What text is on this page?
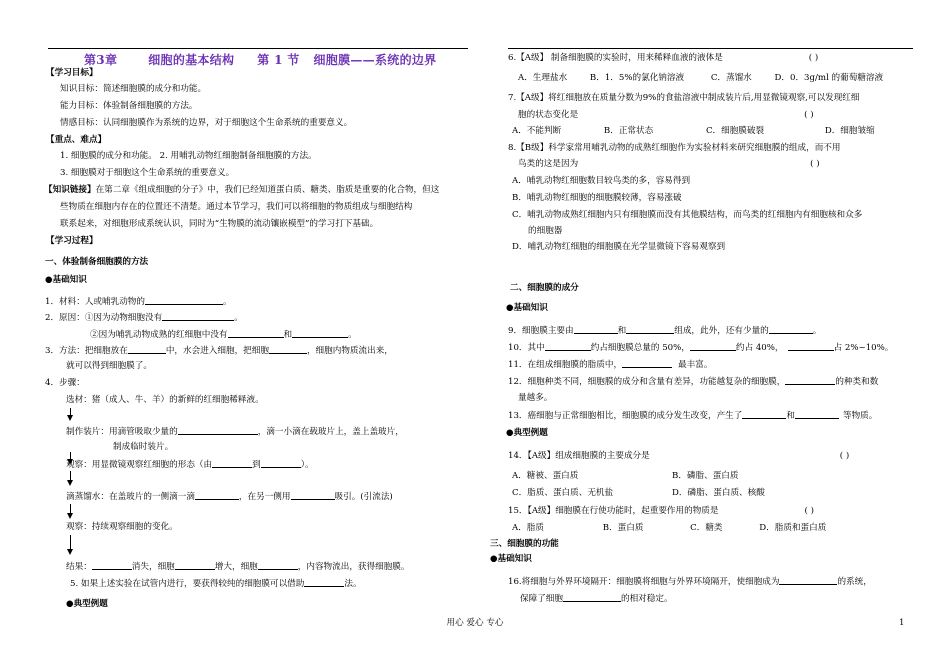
第3章	细胞的基本结构 第 1 节 细胞膜——系统的边界
【学习目标】
知识目标：简述细胞膜的成分和功能。
能力目标：体验制备细胞膜的方法。
情感目标：认同细胞膜作为系统的边界，对于细胞这个生命系统的重要意义。
【重点、难点】
1. 细胞膜的成分和功能。 2. 用哺乳动物红细胞制备细胞膜的方法。
3. 细胞膜对于细胞这个生命系统的重要意义。
【知识链接】在第二章《组成细胞的分子》中，我们已经知道蛋白质、糖类、脂质是重要的化合物，但这
些物质在细胞内存在的位置还不清楚。通过本节学习，我们可以将细胞的物质组成与细胞结构
联系起来，对细胞形成系统认识，同时为“生物膜的流动镶嵌模型”的学习打下基础。
【学习过程】
一、体验制备细胞膜的方法
●基础知识
1．材料：人或哺乳动物的	。
2．原因：①因为动物细胞没有	。
②因为哺乳动物成熟的红细胞中没有	和	。
3．方法：把细胞放在	中，水会进入细胞，把细胞	，细胞内物质流出来，
就可以得到细胞膜了。
4．步骤：
选材：猪（成人、牛、羊）的新鲜的红细胞稀释液。
制作装片：用滴管吸取少量的	，滴一小滴在载玻片上，盖上盖玻片，
制成临时装片。
观察：用显微镜观察红细胞的形态（由	到	）。
滴蒸馏水：在盖玻片的一侧滴一滴	，在另一侧用	吸引。(引流法)
观察：持续观察细胞的变化。
结果：	消失，细胞	增大，细胞	，内容物流出，获得细胞膜。
5. 如果上述实验在试管内进行，要获得较纯的细胞膜可以借助	法。
●典型例题
6.【A级】 制备细胞膜的实验时，用来稀释血液的液体是	( )
A．生理盐水	B．1．5%的氯化钠溶液	C．蒸馏水	D．0．3g/ml 的葡萄糖溶液
7.【A级】将红细胞放在质量分数为9%的食盐溶液中制成装片后,用显微镜观察,可以发现红细
胞的状态变化是	( )
A．不能判断	B．正常状态	C．细胞膜破裂	D．细胞皱缩
8.【B级】科学家常用哺乳动物的成熟红细胞作为实验材料来研究细胞膜的组成，而不用
鸟类的这是因为	( )
A．哺乳动物红细胞数目较鸟类的多，容易得到
B．哺乳动物红细胞的细胞膜较薄，容易涨破
C．哺乳动物成熟红细胞内只有细胞膜而没有其他膜结构，而鸟类的红细胞内有细胞核和众多
的细胞器
D．哺乳动物红细胞的细胞膜在光学显微镜下容易观察到
二、细胞膜的成分
●基础知识
9．细胞膜主要由	和	组成，此外，还有少量的	。
10．其中	约占细胞膜总量的 50%，	约占 40%，	占 2%~10%。
11．在组成细胞膜的脂质中，	最丰富。
12．细胞种类不同，细胞膜的成分和含量有差异，功能越复杂的细胞膜，	的种类和数
量越多。
13．癌细胞与正常细胞相比，细胞膜的成分发生改变，产生了	和	等物质。
●典型例题
14．【A级】组成细胞膜的主要成分是	( )
A．糖被、蛋白质	B．磷脂、蛋白质
C．脂质、蛋白质、无机盐	D．磷脂、蛋白质、核酸
15．【A级】细胞膜在行使功能时，起重要作用的物质是	( )
A．脂质	B．蛋白质	C．糖类	D．脂质和蛋白质
三、细胞膜的功能
●基础知识
16.将细胞与外界环境隔开：细胞膜将细胞与外界环境隔开，使细胞成为	的系统，
保障了细胞	的相对稳定。
用心 爱心 专心	1
